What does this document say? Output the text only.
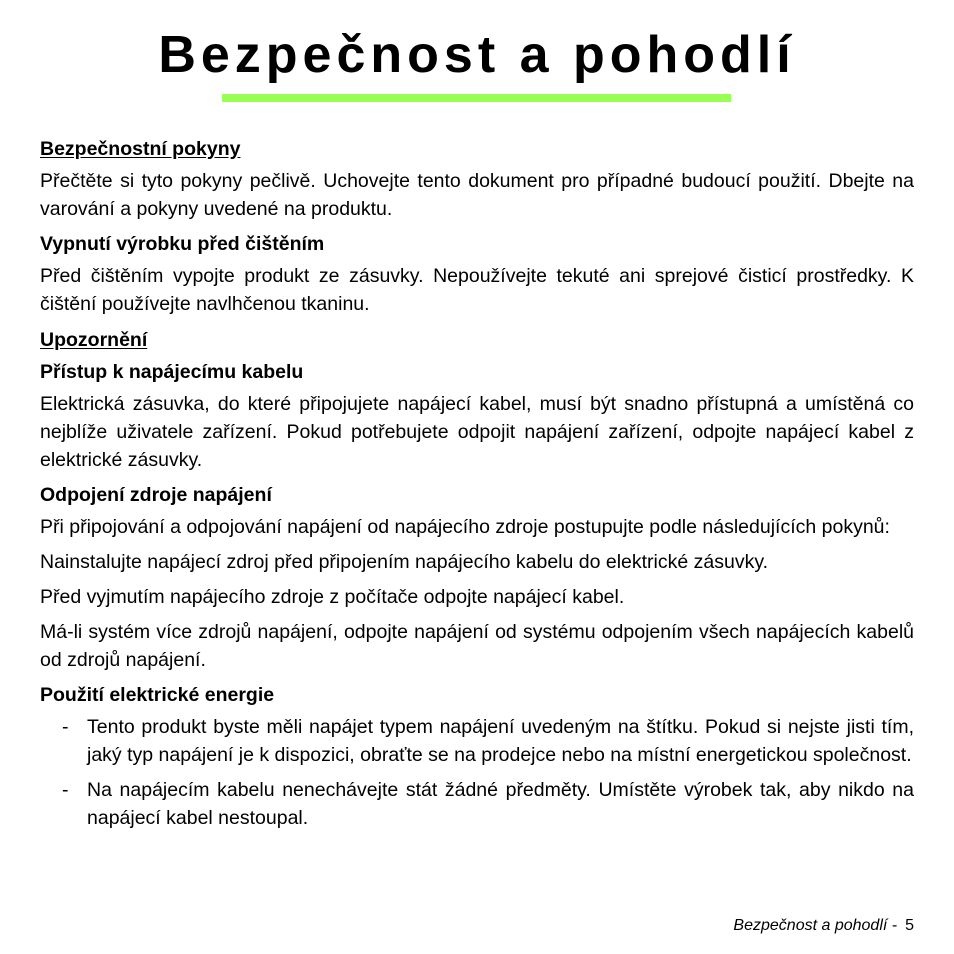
Bezpečnost a pohodlí
Bezpečnostní pokyny

Přečtěte si tyto pokyny pečlivě. Uchovejte tento dokument pro případné budoucí použití. Dbejte na varování a pokyny uvedené na produktu.

Vypnutí výrobku před čištěním

Před čištěním vypojte produkt ze zásuvky. Nepoužívejte tekuté ani sprejové čisticí prostředky. K čištění používejte navlhčenou tkaninu.

Upozornění
Přístup k napájecímu kabelu

Elektrická zásuvka, do které připojujete napájecí kabel, musí být snadno přístupná a umístěná co nejblíže uživatele zařízení. Pokud potřebujete odpojit napájení zařízení, odpojte napájecí kabel z elektrické zásuvky.

Odpojení zdroje napájení

Při připojování a odpojování napájení od napájecího zdroje postupujte podle následujících pokynů:

Nainstalujte napájecí zdroj před připojením napájecího kabelu do elektrické zásuvky.

Před vyjmutím napájecího zdroje z počítače odpojte napájecí kabel.

Má-li systém více zdrojů napájení, odpojte napájení od systému odpojením všech napájecích kabelů od zdrojů napájení.

Použití elektrické energie
- Tento produkt byste měli napájet typem napájení uvedeným na štítku. Pokud si nejste jisti tím, jaký typ napájení je k dispozici, obraťte se na prodejce nebo na místní energetickou společnost.
- Na napájecím kabelu nenechávejte stát žádné předměty. Umístěte výrobek tak, aby nikdo na napájecí kabel nestoupal.
Bezpečnost a pohodlí - 5
